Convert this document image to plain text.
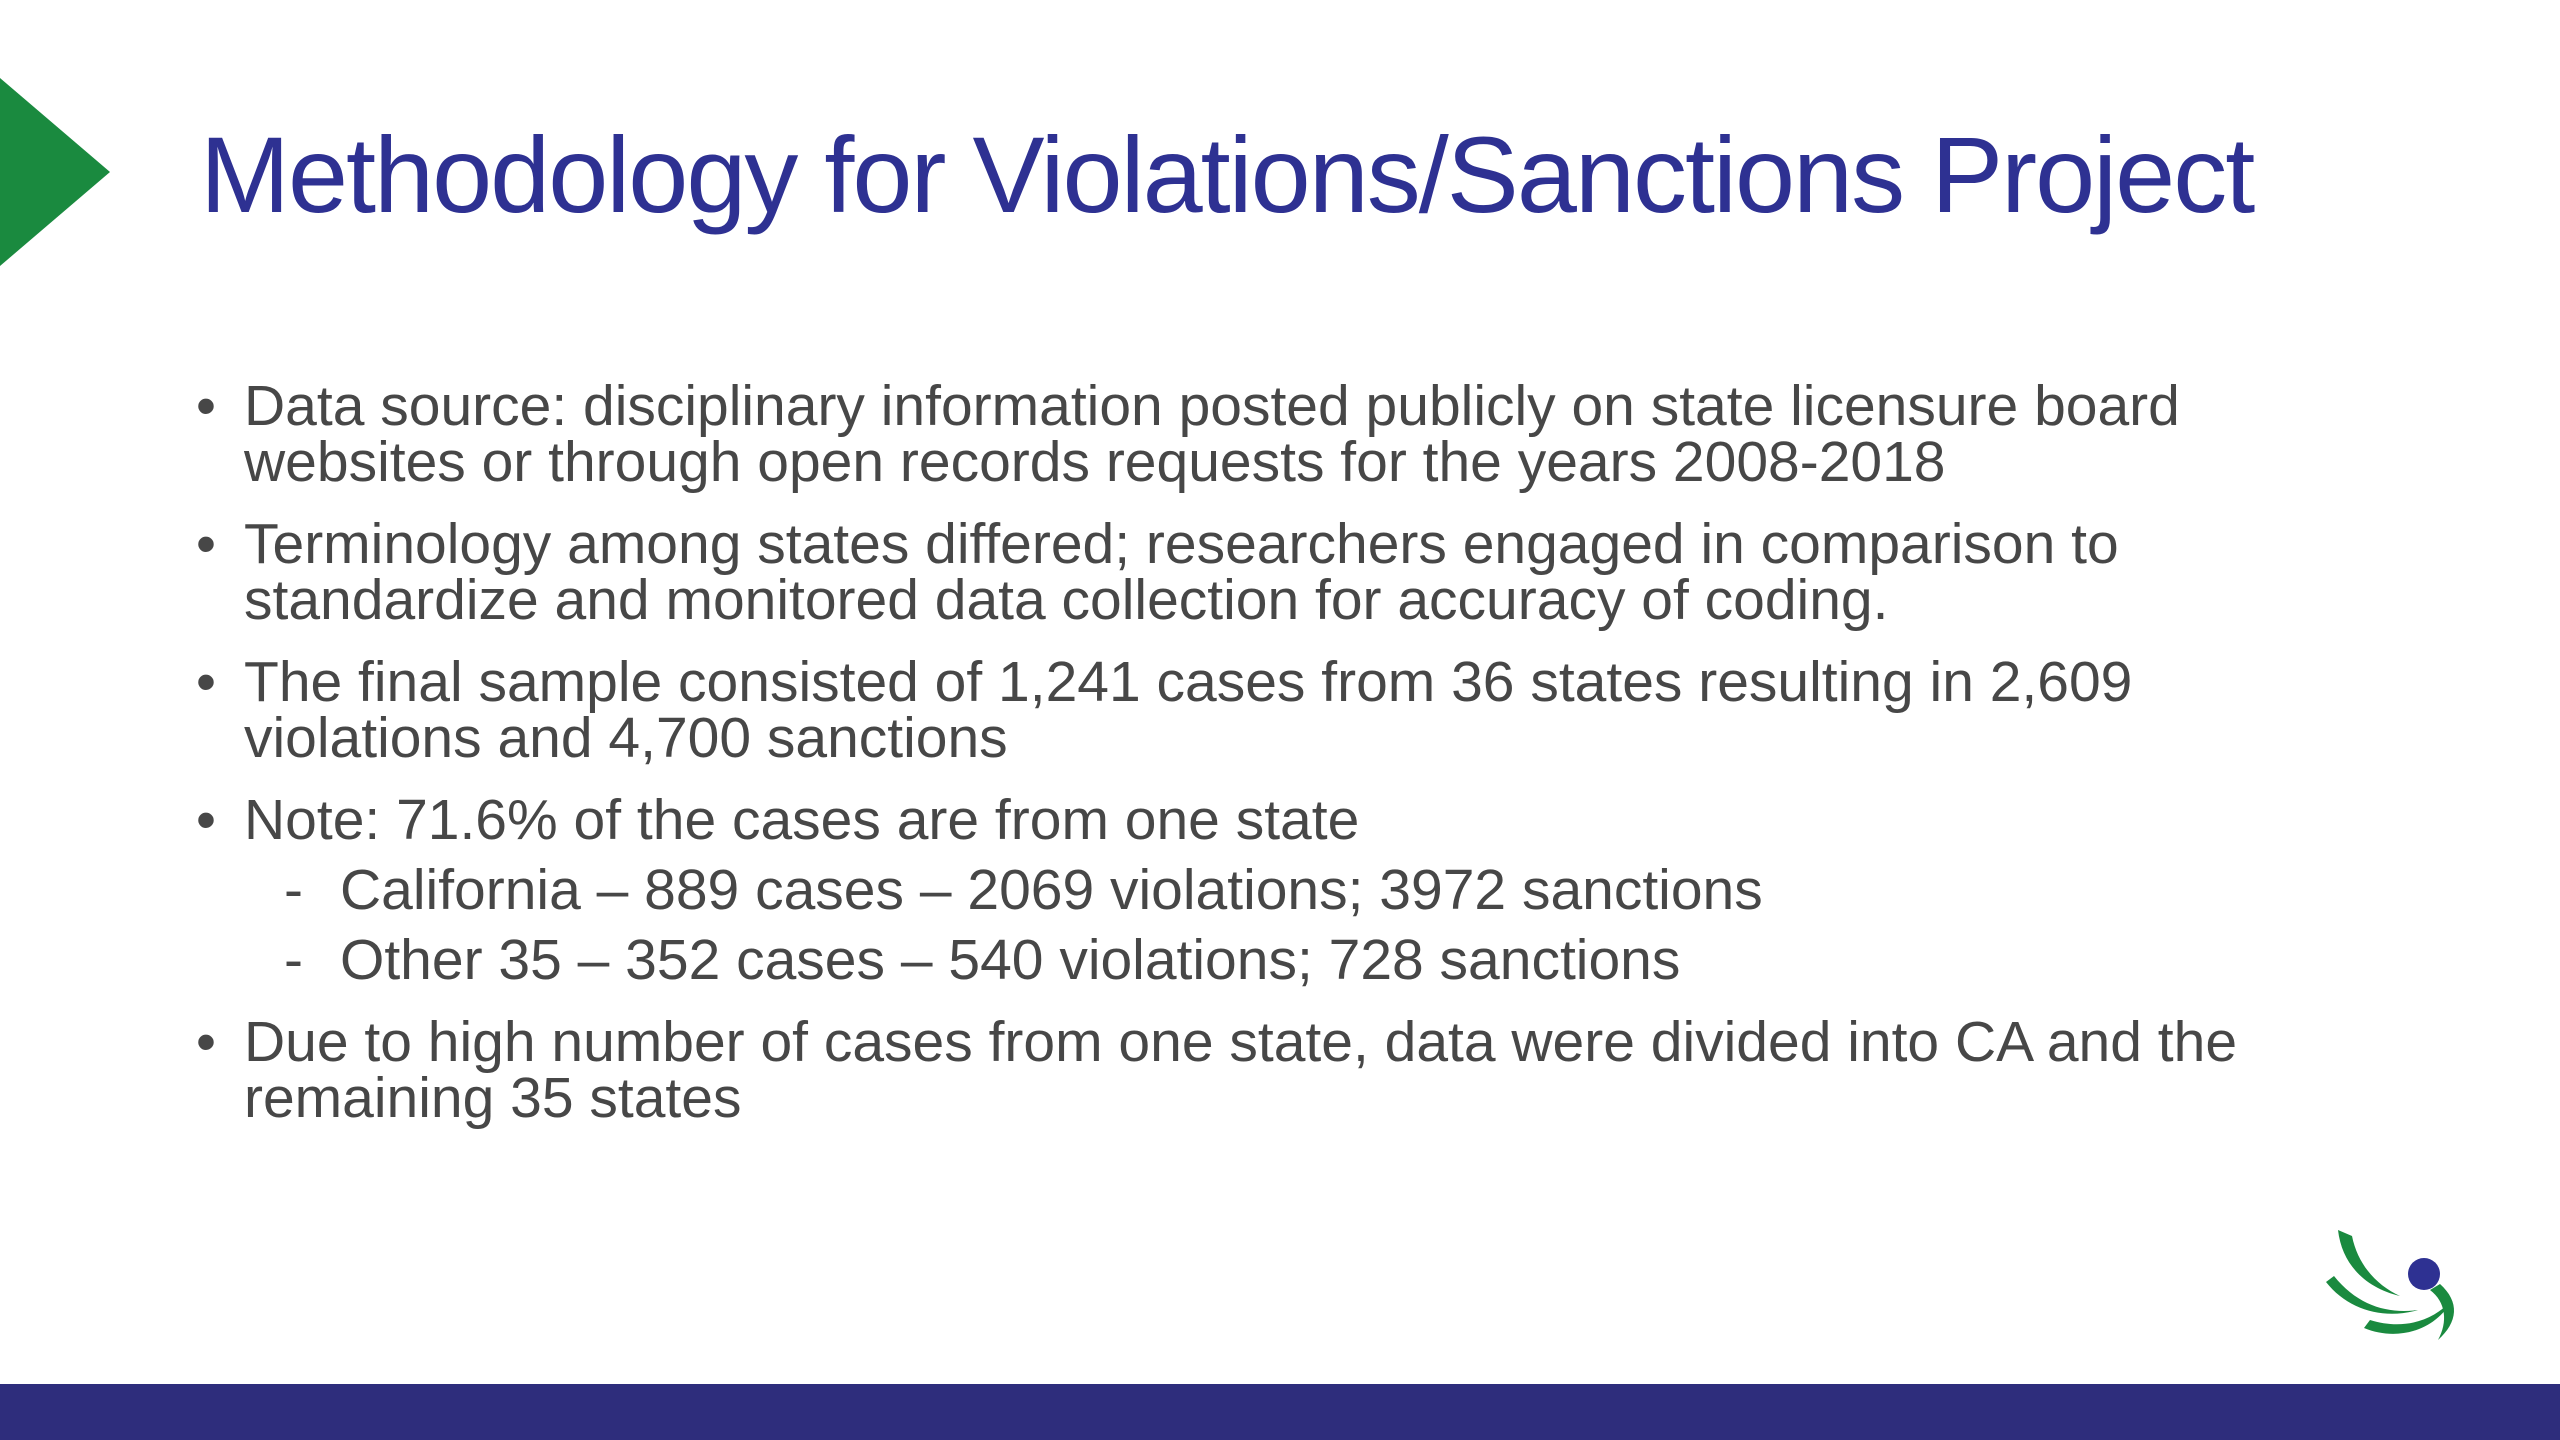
Methodology for Violations/Sanctions Project
• Data source: disciplinary information posted publicly on state licensure board websites or through open records requests for the years 2008-2018
• Terminology among states differed; researchers engaged in comparison to standardize and monitored data collection for accuracy of coding.
• The final sample consisted of 1,241 cases from 36 states resulting in 2,609 violations and 4,700 sanctions
• Note: 71.6% of the cases are from one state
- California – 889 cases – 2069 violations; 3972 sanctions
- Other 35 – 352 cases – 540 violations; 728 sanctions
• Due to high number of cases from one state, data were divided into CA and the remaining 35 states
